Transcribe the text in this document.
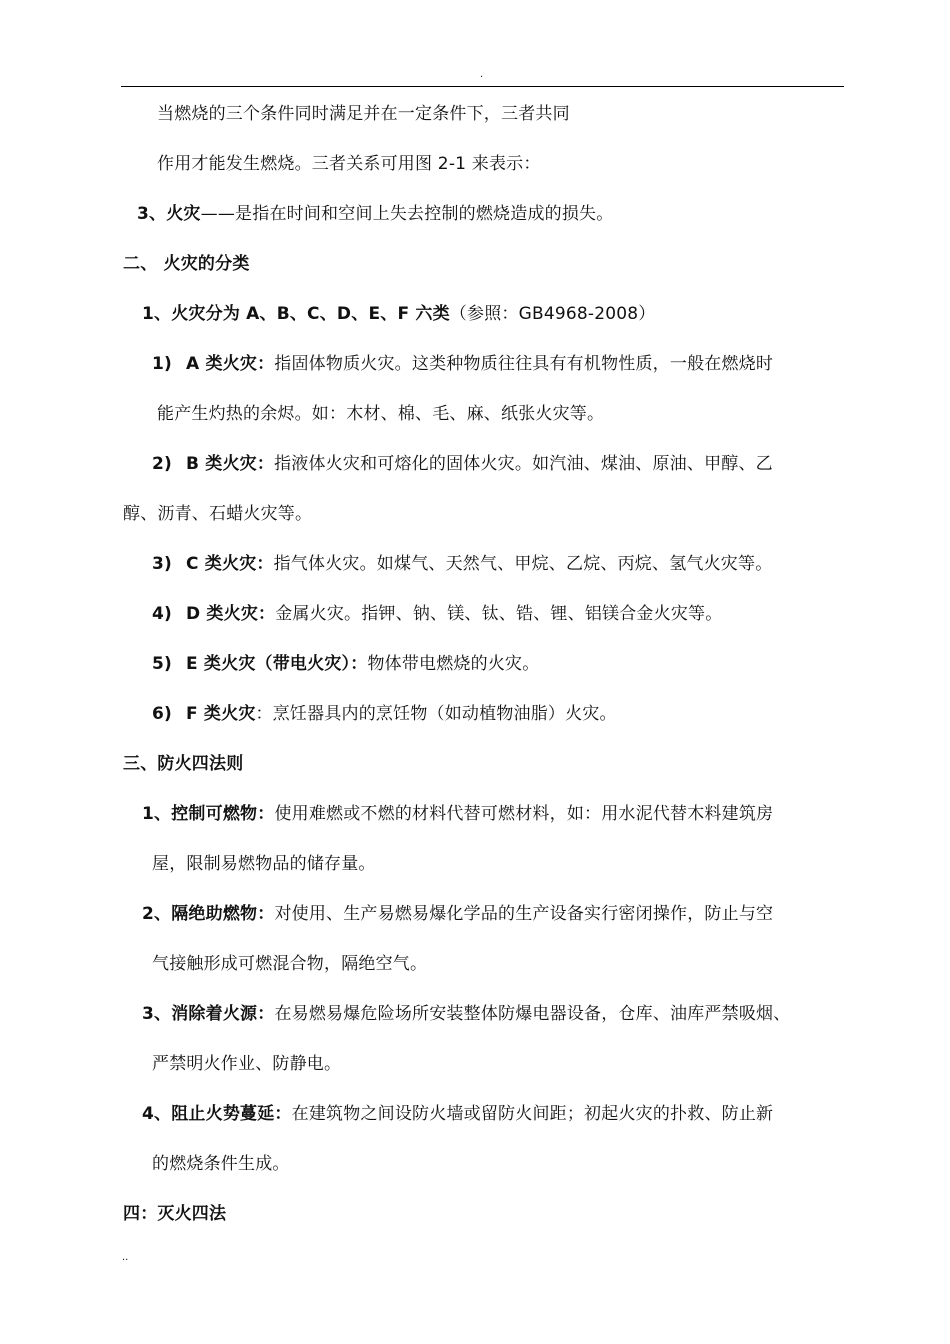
.
当燃烧的三个条件同时满足并在一定条件下，三者共同
作用才能发生燃烧。三者关系可用图 2-1 来表示：
3、火灾——是指在时间和空间上失去控制的燃烧造成的损失。
二、 火灾的分类
1、火灾分为 A、B、C、D、E、F 六类（参照：GB4968-2008）
1) A 类火灾：指固体物质火灾。这类种物质往往具有有机物性质，一般在燃烧时
能产生灼热的余烬。如：木材、棉、毛、麻、纸张火灾等。
2) B 类火灾：指液体火灾和可熔化的固体火灾。如汽油、煤油、原油、甲醇、乙
醇、沥青、石蜡火灾等。
3) C 类火灾：指气体火灾。如煤气、天然气、甲烷、乙烷、丙烷、氢气火灾等。
4) D 类火灾：金属火灾。指钾、钠、镁、钛、锆、锂、铝镁合金火灾等。
5) E 类火灾（带电火灾）：物体带电燃烧的火灾。
6) F 类火灾：烹饪器具内的烹饪物（如动植物油脂）火灾。
三、防火四法则
1、控制可燃物：使用难燃或不燃的材料代替可燃材料，如：用水泥代替木料建筑房
屋，限制易燃物品的储存量。
2、隔绝助燃物：对使用、生产易燃易爆化学品的生产设备实行密闭操作，防止与空
气接触形成可燃混合物，隔绝空气。
3、消除着火源：在易燃易爆危险场所安装整体防爆电器设备，仓库、油库严禁吸烟、
严禁明火作业、防静电。
4、阻止火势蔓延：在建筑物之间设防火墙或留防火间距；初起火灾的扑救、防止新
的燃烧条件生成。
四：灭火四法
..
